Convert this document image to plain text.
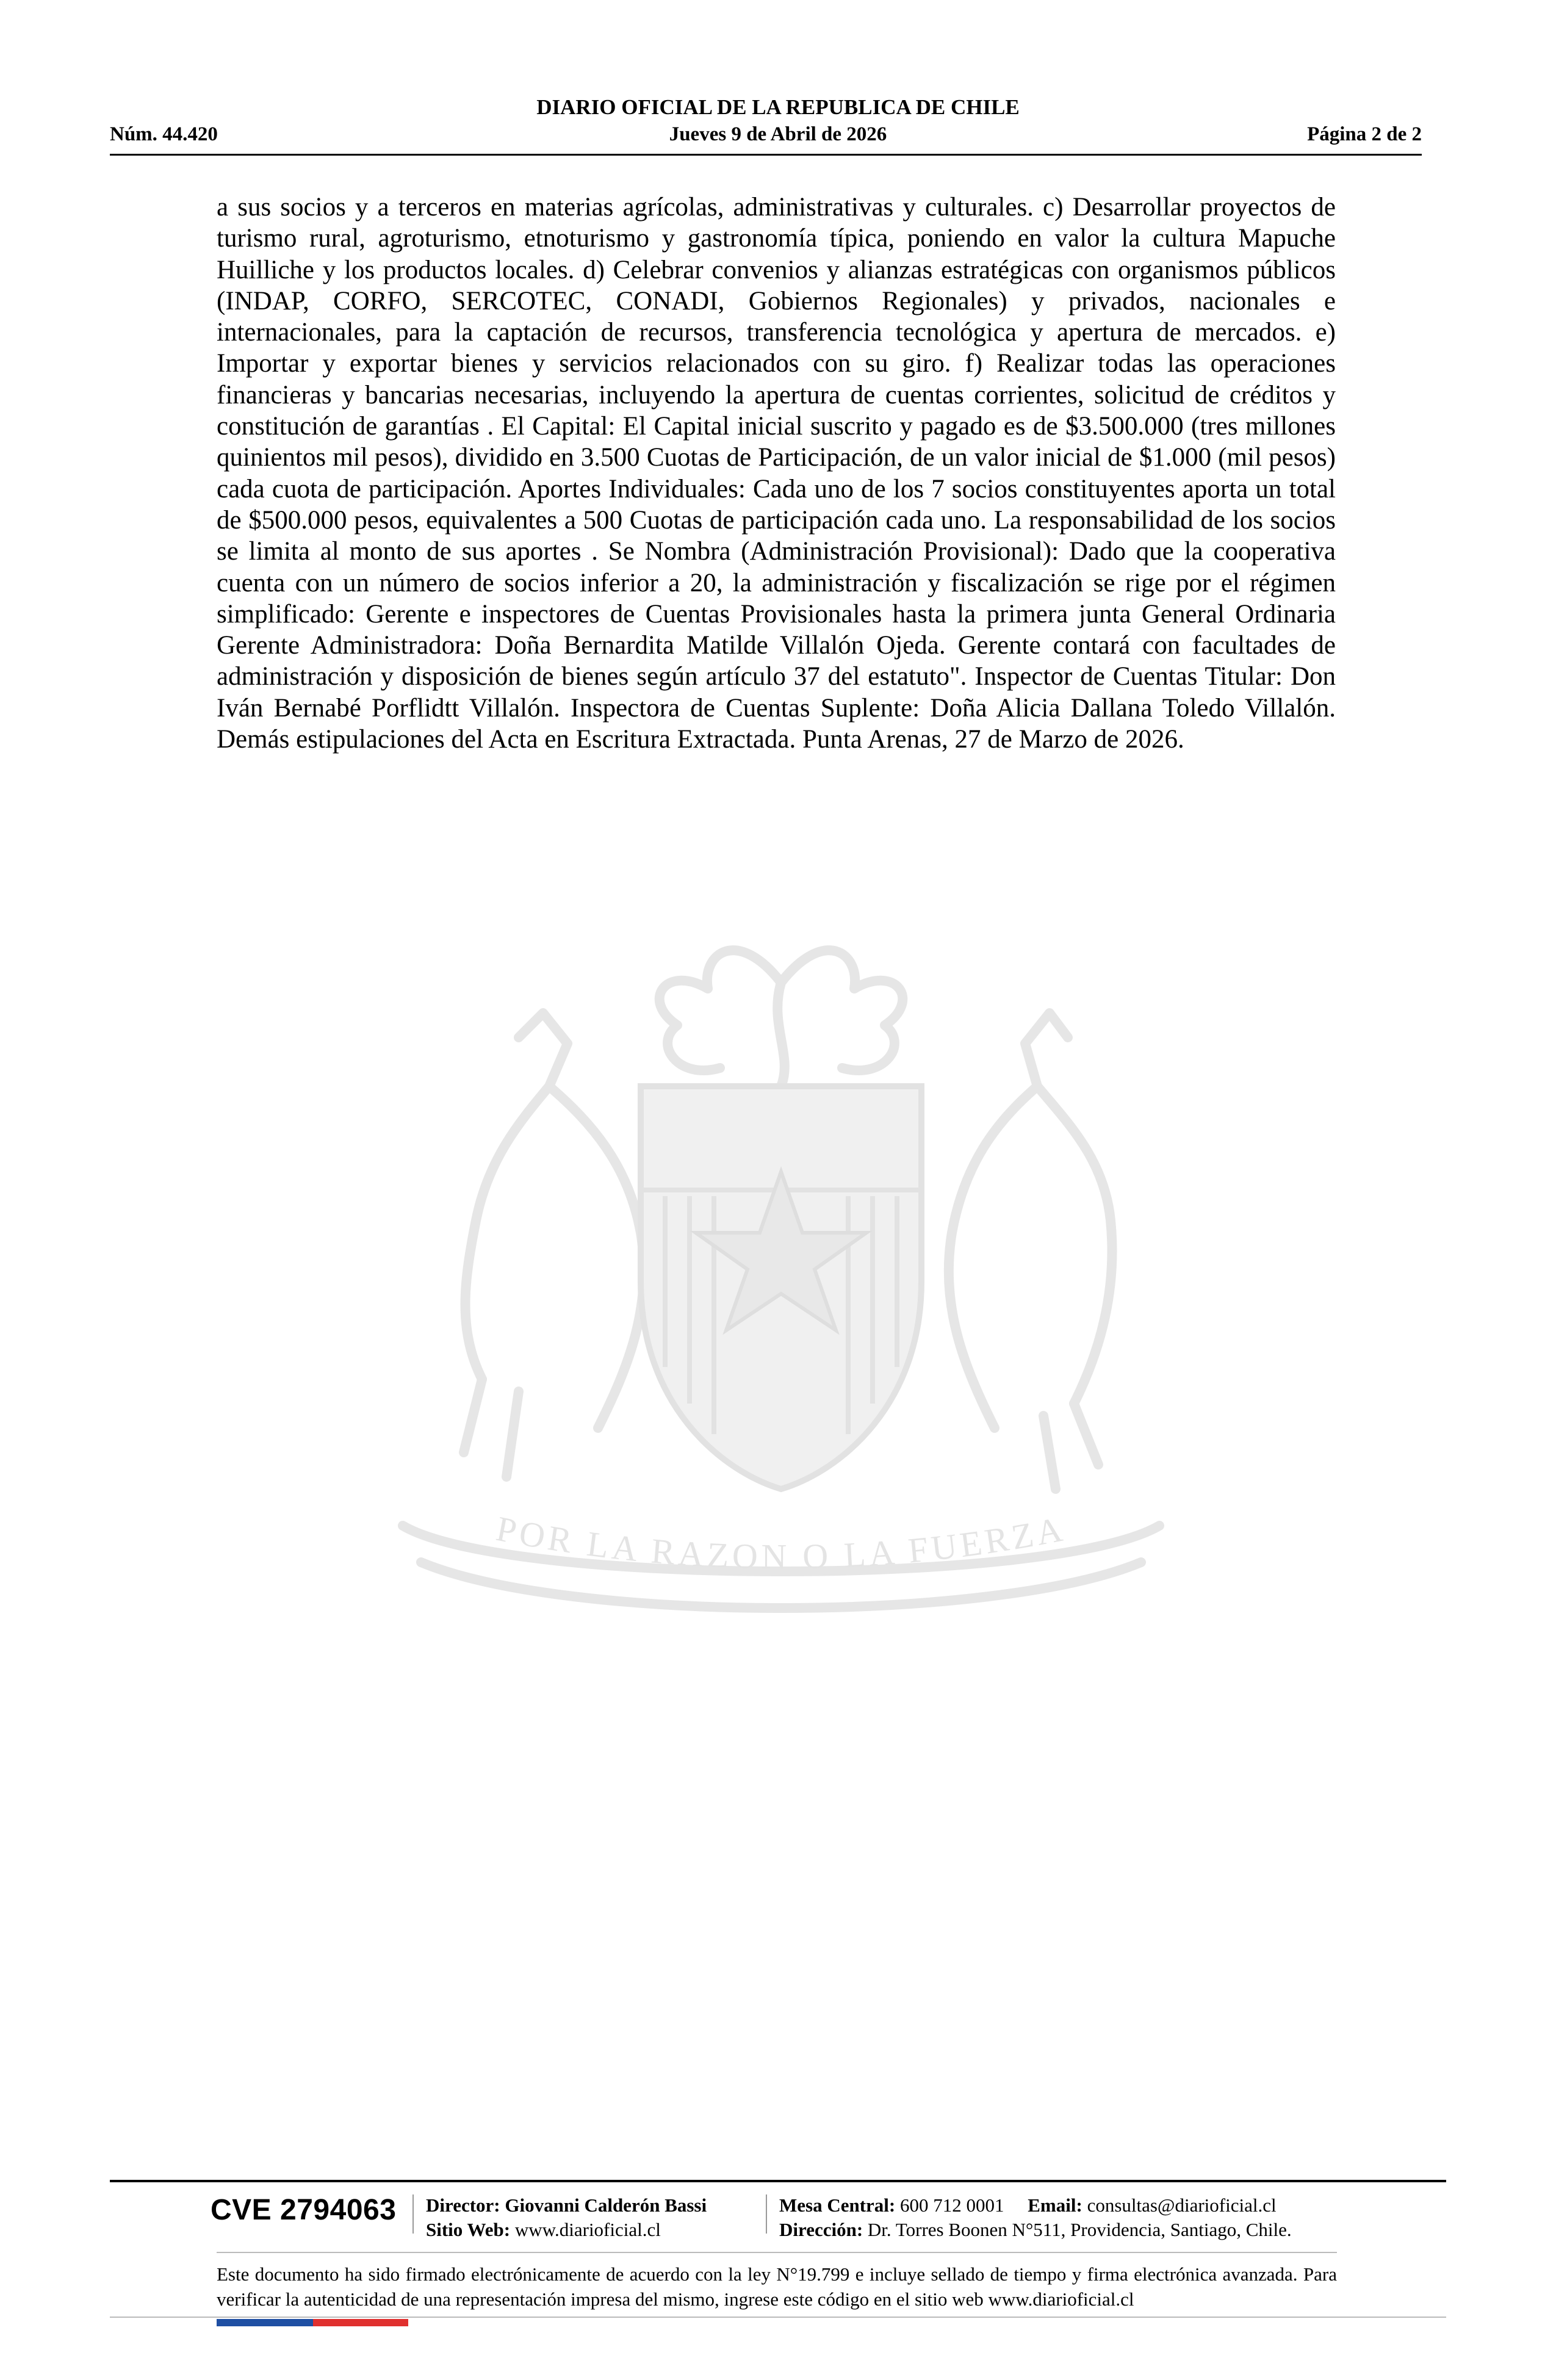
DIARIO OFICIAL DE LA REPUBLICA DE CHILE
Núm. 44.420	Jueves 9 de Abril de 2026	Página 2 de 2
a sus socios y a terceros en materias agrícolas, administrativas y culturales. c) Desarrollar proyectos de turismo rural, agroturismo, etnoturismo y gastronomía típica, poniendo en valor la cultura Mapuche Huilliche y los productos locales. d) Celebrar convenios y alianzas estratégicas con organismos públicos (INDAP, CORFO, SERCOTEC, CONADI, Gobiernos Regionales) y privados, nacionales e internacionales, para la captación de recursos, transferencia tecnológica y apertura de mercados. e) Importar y exportar bienes y servicios relacionados con su giro. f) Realizar todas las operaciones financieras y bancarias necesarias, incluyendo la apertura de cuentas corrientes, solicitud de créditos y constitución de garantías . El Capital: El Capital inicial suscrito y pagado es de $3.500.000 (tres millones quinientos mil pesos), dividido en 3.500 Cuotas de Participación, de un valor inicial de $1.000 (mil pesos) cada cuota de participación. Aportes Individuales: Cada uno de los 7 socios constituyentes aporta un total de $500.000 pesos, equivalentes a 500 Cuotas de participación cada uno. La responsabilidad de los socios se limita al monto de sus aportes . Se Nombra (Administración Provisional): Dado que la cooperativa cuenta con un número de socios inferior a 20, la administración y fiscalización se rige por el régimen simplificado: Gerente e inspectores de Cuentas Provisionales hasta la primera junta General Ordinaria Gerente Administradora: Doña Bernardita Matilde Villalón Ojeda. Gerente contará con facultades de administración y disposición de bienes según artículo 37 del estatuto". Inspector de Cuentas Titular: Don Iván Bernabé Porflidtt Villalón. Inspectora de Cuentas Suplente: Doña Alicia Dallana Toledo Villalón. Demás estipulaciones del Acta en Escritura Extractada. Punta Arenas, 27 de Marzo de 2026.
POR LA RAZON O LA FUERZA
CVE 2794063 Director: Giovanni Calderón Bassi
Sitio Web: www.diarioficial.cl
Mesa Central: 600 712 0001 Email: consultas@diarioficial.cl
Dirección: Dr. Torres Boonen N°511, Providencia, Santiago, Chile.
Este documento ha sido firmado electrónicamente de acuerdo con la ley N°19.799 e incluye sellado de tiempo y firma electrónica avanzada. Para verificar la autenticidad de una representación impresa del mismo, ingrese este código en el sitio web www.diarioficial.cl
